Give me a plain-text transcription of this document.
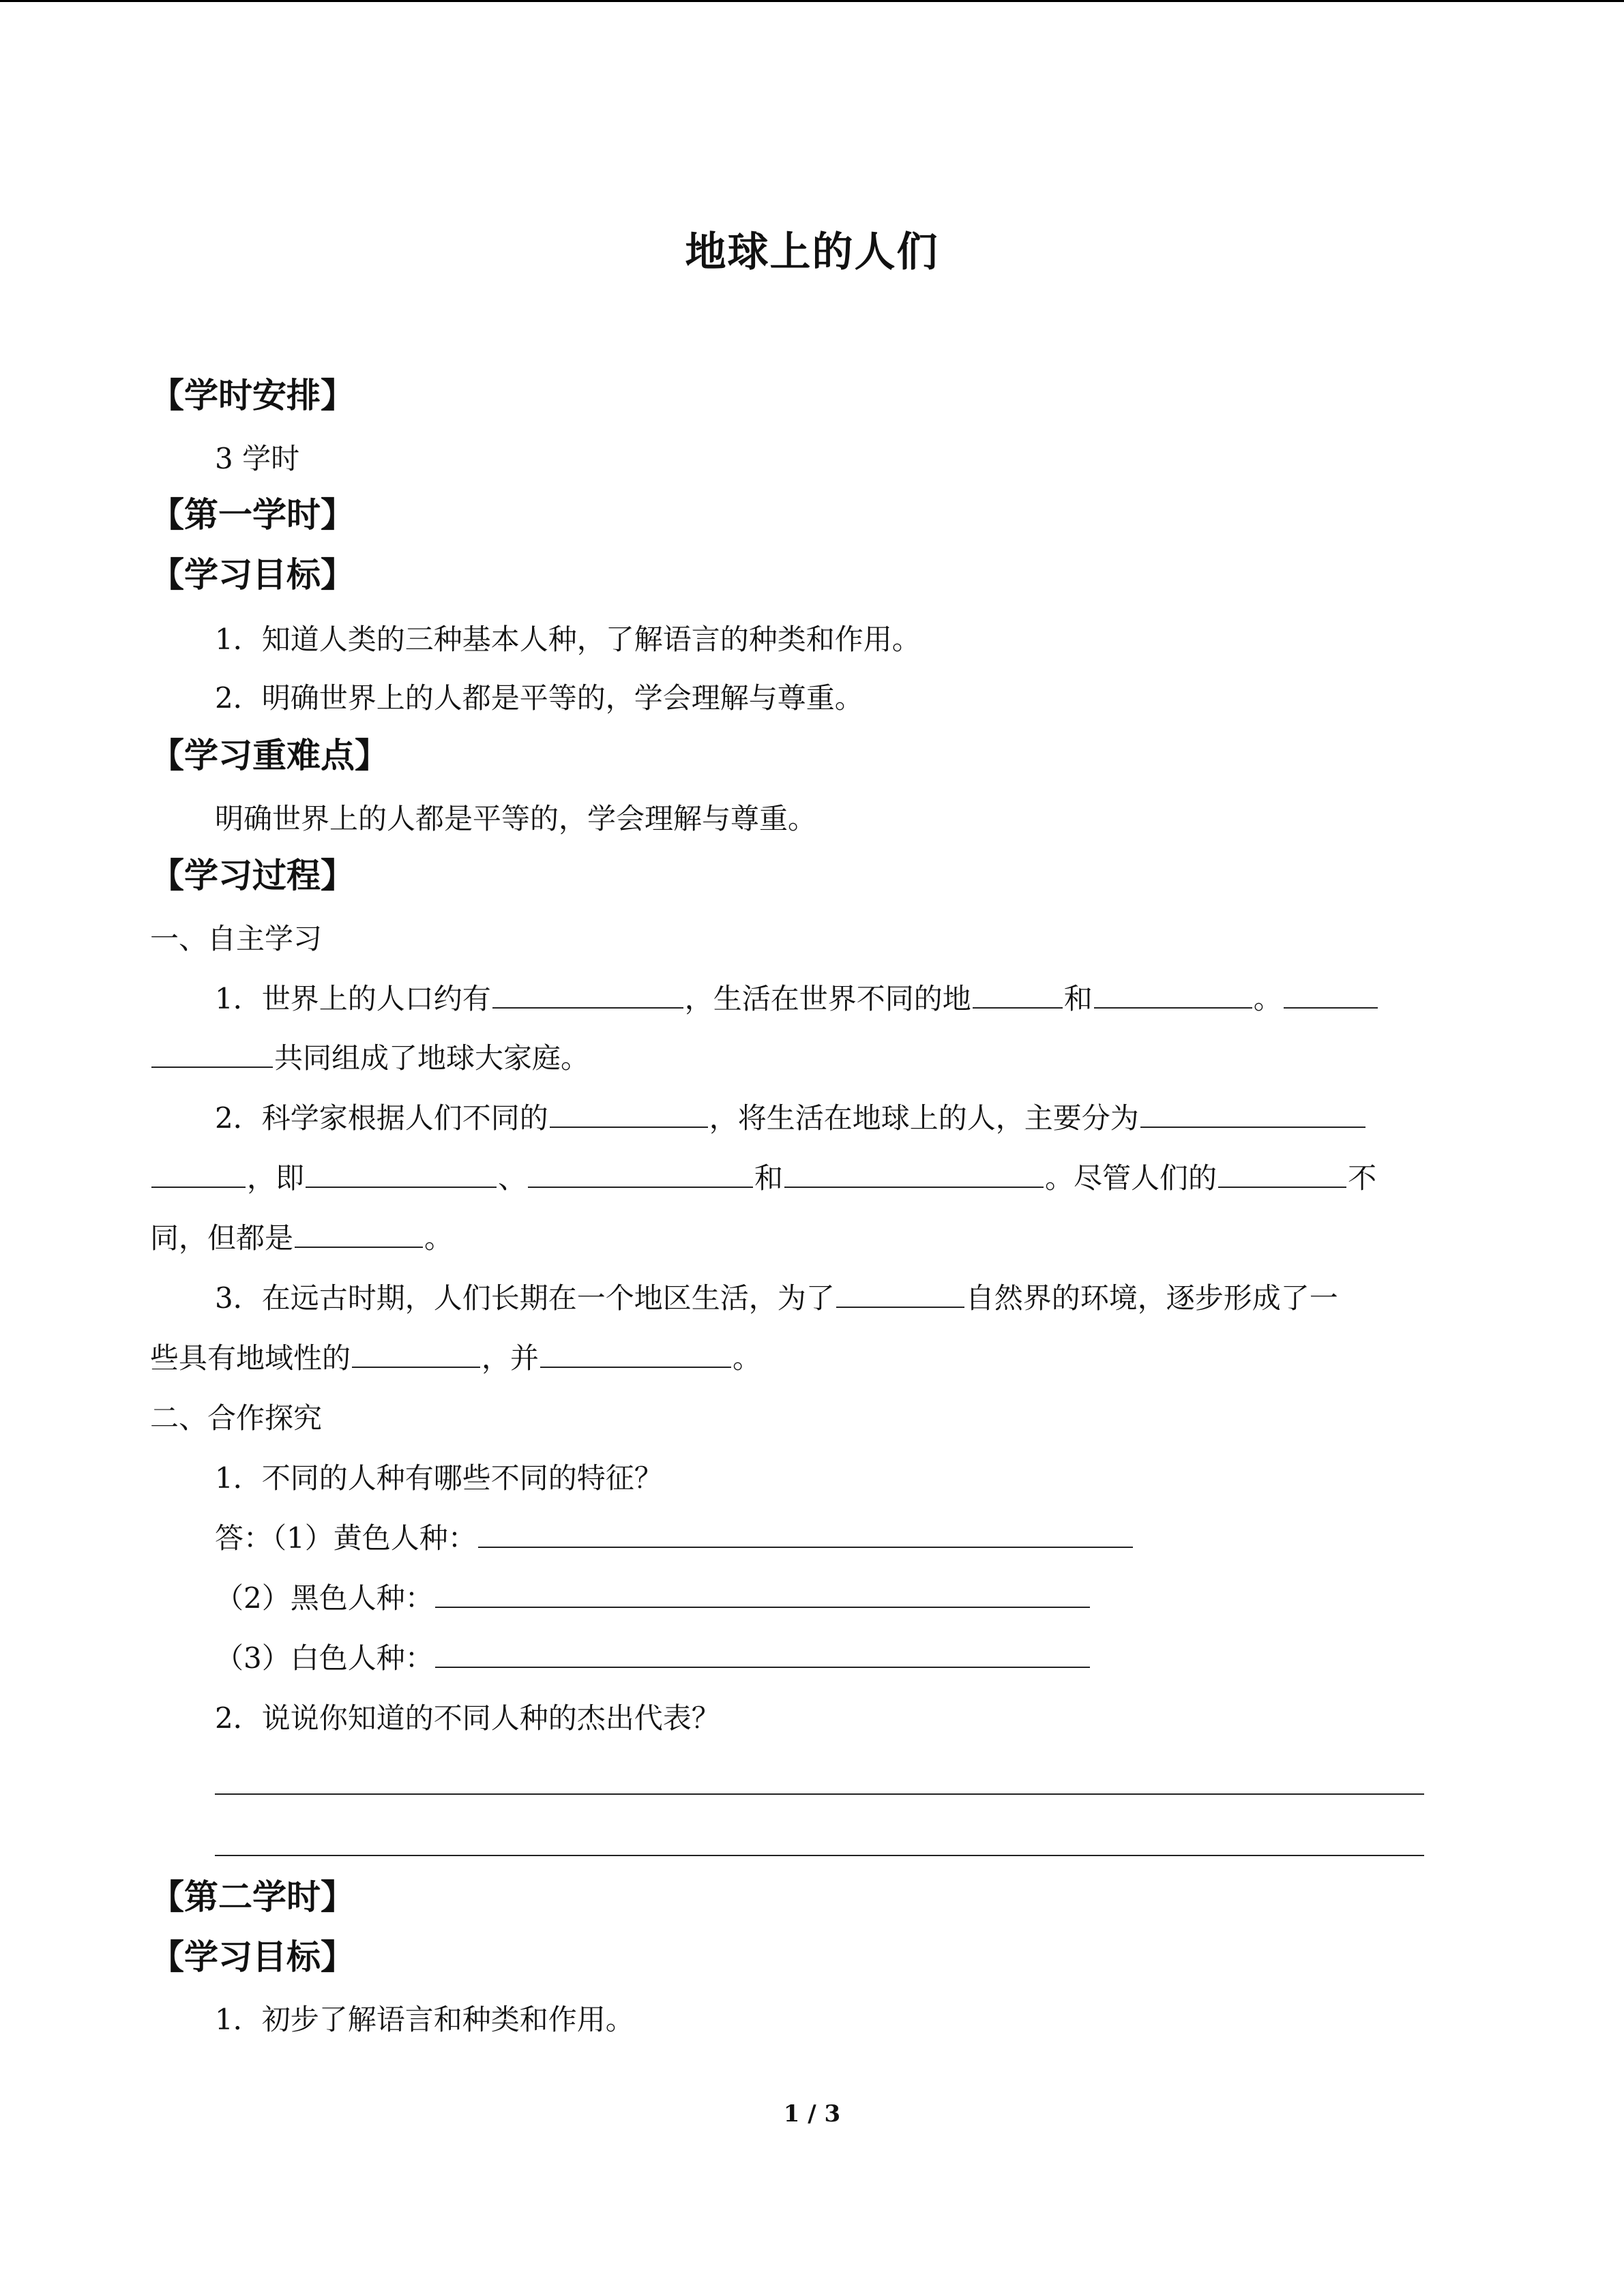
地球上的人们
【学时安排】
3 学时
【第一学时】
【学习目标】
1．知道人类的三种基本人种，了解语言的种类和作用。
2．明确世界上的人都是平等的，学会理解与尊重。
【学习重难点】
明确世界上的人都是平等的，学会理解与尊重。
【学习过程】
一、自主学习
1．世界上的人口约有	，生活在世界不同的地	和	。
共同组成了地球大家庭。
2．科学家根据人们不同的	，将生活在地球上的人，主要分为
，即	、	和	。尽管人们的	不
同，但都是	。
3．在远古时期，人们长期在一个地区生活，为了	自然界的环境，逐步形成了一
些具有地域性的	，并	。
二、合作探究
1．不同的人种有哪些不同的特征？
答：（1）黄色人种：
（2）黑色人种：
（3）白色人种：
2．说说你知道的不同人种的杰出代表？
【第二学时】
【学习目标】
1．初步了解语言和种类和作用。
1 / 3
